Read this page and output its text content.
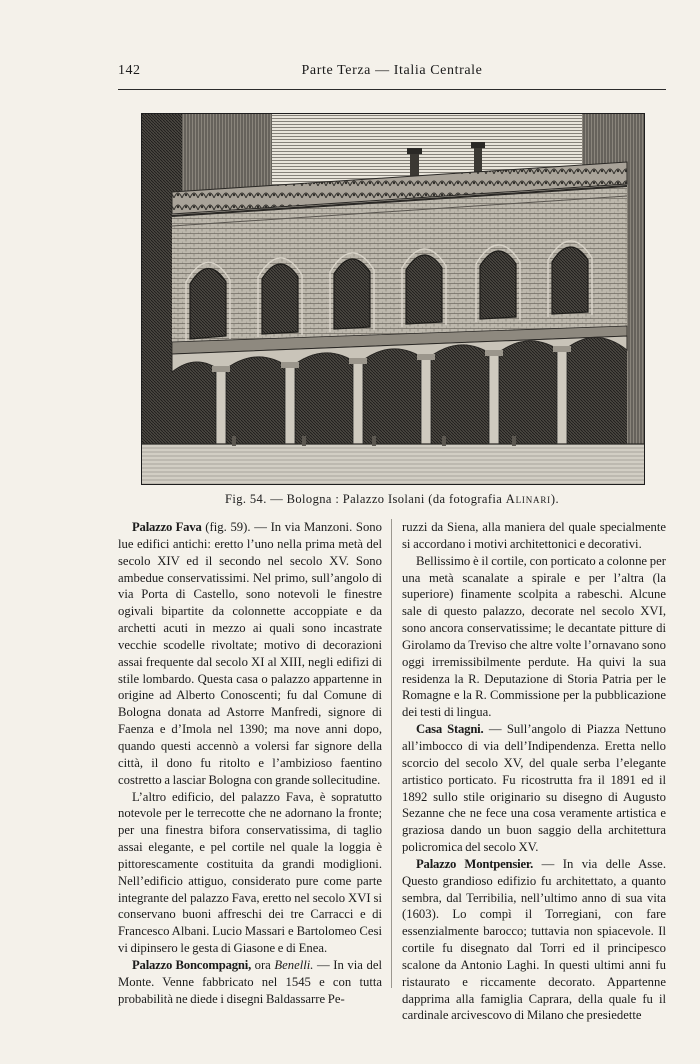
142	Parte Terza — Italia Centrale
Fig. 54. — Bologna : Palazzo Isolani (da fotografia Alinari).

Palazzo Fava (fig. 59). — In via Manzoni. Sono lue edifici antichi: eretto l’uno nella prima metà del secolo XIV ed il secondo nel secolo XV. Sono ambedue conservatissimi. Nel primo, sull’angolo di via Porta di Castello, sono notevoli le finestre ogivali bipartite da colonnette accoppiate e da archetti acuti in mezzo ai quali sono incastrate vecchie scodelle rivoltate; motivo di decorazioni assai frequente dal secolo XI al XIII, negli edifizi di stile lombardo. Questa casa o palazzo appartenne in origine ad Alberto Conoscenti; fu dal Comune di Bologna donata ad Astorre Manfredi, signore di Faenza e d’Imola nel 1390; ma nove anni dopo, quando questi accennò a volersi far signore della città, il dono fu ritolto e l’ambizioso faentino costretto a lasciar Bologna con grande sollecitudine.

L’altro edificio, del palazzo Fava, è sopratutto notevole per le terrecotte che ne adornano la fronte; per una finestra bifora conservatissima, di taglio assai elegante, e pel cortile nel quale la loggia è pittorescamente costituita da grandi modiglioni. Nell’edificio attiguo, considerato pure come parte integrante del palazzo Fava, eretto nel secolo XVI si conservano buoni affreschi dei tre Carracci e di Francesco Albani. Lucio Massari e Bartolomeo Cesi vi dipinsero le gesta di Giasone e di Enea.

Palazzo Boncompagni, ora Benelli. — In via del Monte. Venne fabbricato nel 1545 e con tutta probabilità ne diede i disegni Baldassarre Pe-

ruzzi da Siena, alla maniera del quale specialmente si accordano i motivi architettonici e decorativi.

Bellissimo è il cortile, con porticato a colonne per una metà scanalate a spirale e per l’altra (la superiore) finamente scolpita a rabeschi. Alcune sale di questo palazzo, decorate nel secolo XVI, sono ancora conservatissime; le decantate pitture di Girolamo da Treviso che altre volte l’ornavano sono oggi irremissibilmente perdute. Ha quivi la sua residenza la R. Deputazione di Storia Patria per le Romagne e la R. Commissione per la pubblicazione dei testi di lingua.

Casa Stagni. — Sull’angolo di Piazza Nettuno all’imbocco di via dell’Indipendenza. Eretta nello scorcio del secolo XV, del quale serba l’elegante artistico porticato. Fu ricostrutta fra il 1891 ed il 1892 sullo stile originario su disegno di Augusto Sezanne che ne fece una cosa veramente artistica e graziosa dando un buon saggio della architettura policromica del secolo XV.

Palazzo Montpensier. — In via delle Asse. Questo grandioso edifizio fu architettato, a quanto sembra, dal Terribilia, nell’ultimo anno di sua vita (1603). Lo compì il Torregiani, con fare essenzialmente barocco; tuttavia non spiacevole. Il cortile fu disegnato dal Torri ed il principesco scalone da Antonio Laghi. In questi ultimi anni fu ristaurato e riccamente decorato. Appartenne dapprima alla famiglia Caprara, della quale fu il cardinale arcivescovo di Milano che presiedette
